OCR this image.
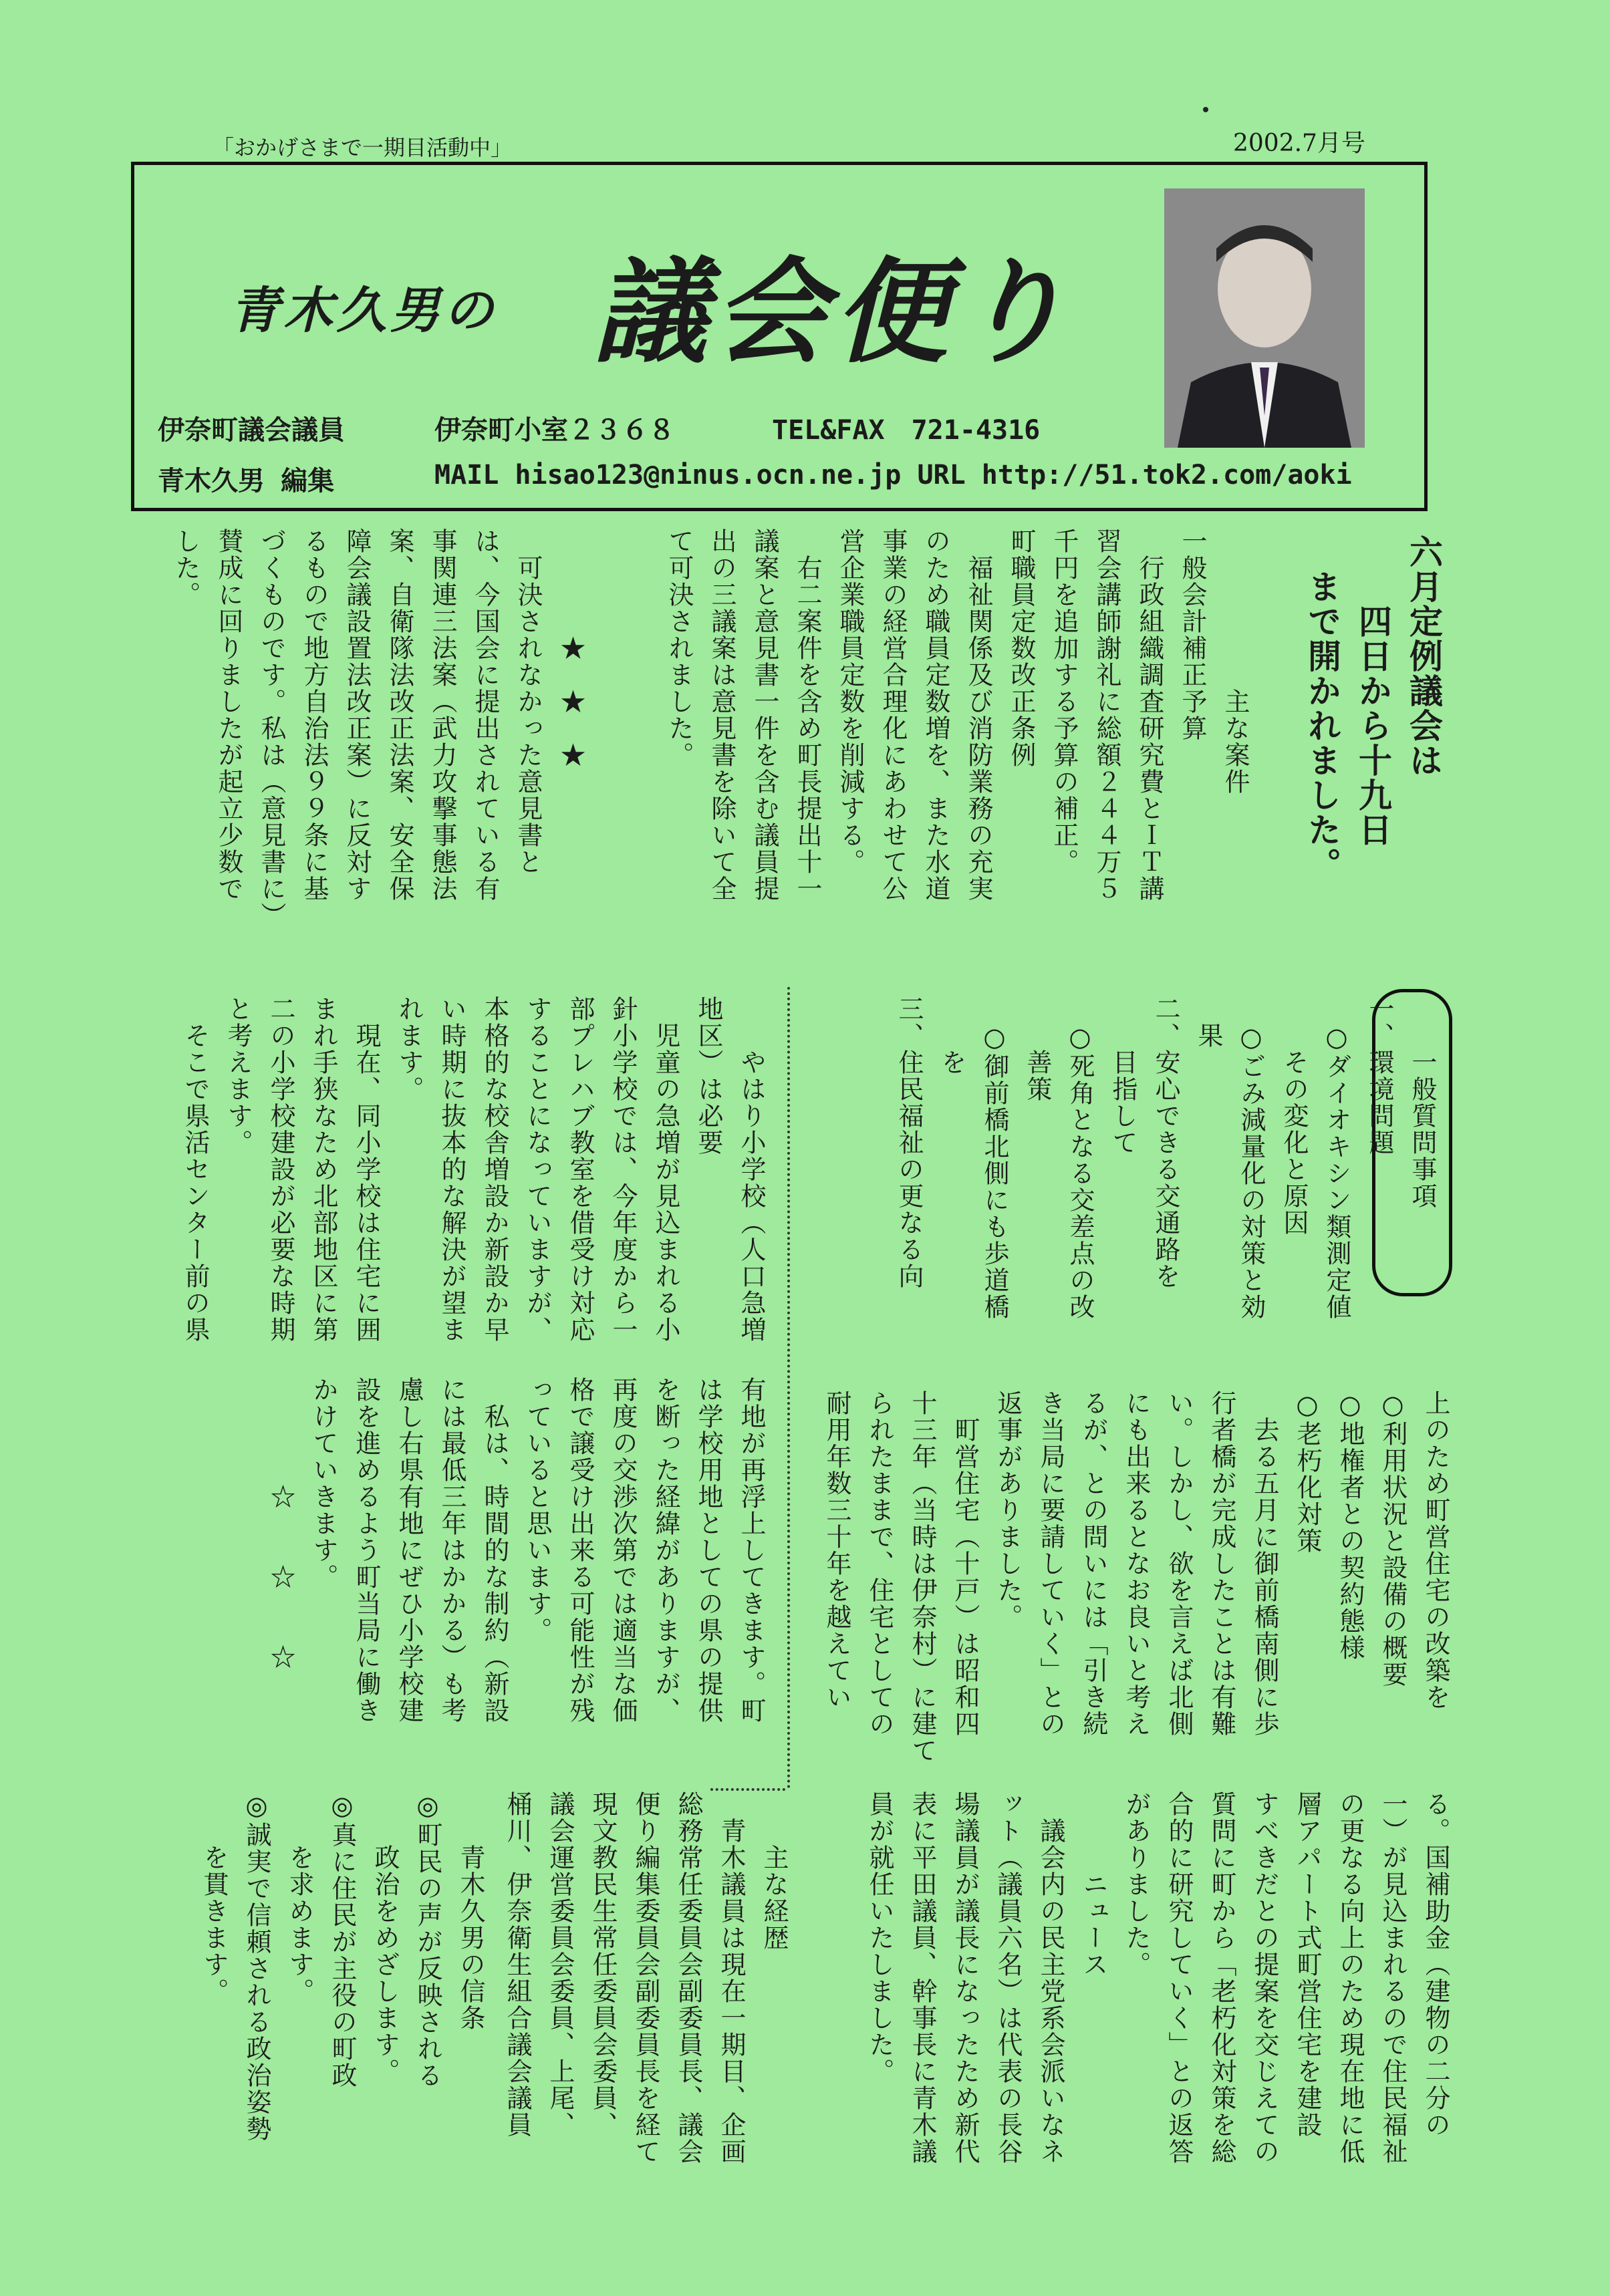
「おかげさまで一期目活動中」	2002.7月号
青木久男の 議会便り
伊奈町議会議員	伊奈町小室２３６８	TEL&FAX　721-4316
青木久男 編集	MAIL hisao123@ninus.ocn.ne.jp URL http://51.tok2.com/aoki
六月定例議会は
　　四日から十九日
　まで開かれました。
　　　　　　主な案件
一般会計補正予算
　行政組織調査研究費とＩＴ講
習会講師謝礼に総額２４４万５
千円を追加する予算の補正。
町職員定数改正条例
　福祉関係及び消防業務の充実
のため職員定数増を、また水道
事業の経営合理化にあわせて公
営企業職員定数を削減する。
　右二案件を含め町長提出十一
議案と意見書一件を含む議員提
出の三議案は意見書を除いて全
て可決されました。
　　　　★　★　★
　可決されなかった意見書と
は、今国会に提出されている有
事関連三法案（武力攻撃事態法
案、自衛隊法改正法案、安全保
障会議設置法改正案）に反対す
るもので地方自治法９９条に基
づくものです。私は（意見書に）
賛成に回りましたが起立少数で
した。
　　一般質問事項
一、環境問題
　○ダイオキシン類測定値
　　その変化と原因
　○ごみ減量化の対策と効
　果
二、安心できる交通路を
　　目指して
　○死角となる交差点の改
　　善策
　○御前橋北側にも歩道橋
　　を
三、住民福祉の更なる向
　　やはり小学校（人口急増地区）は必要
　児童の急増が見込まれる小
針小学校では、今年度から一
部プレハブ教室を借受け対応
することになっていますが、
本格的な校舎増設か新設か早
い時期に抜本的な解決が望ま
れます。
　現在、同小学校は住宅に囲
まれ手狭なため北部地区に第
二の小学校建設が必要な時期
と考えます。
　そこで県活センター前の県
上のため町営住宅の改築を
○利用状況と設備の概要
○地権者との契約態様
○老朽化対策
　去る五月に御前橋南側に歩
行者橋が完成したことは有難
い。しかし、欲を言えば北側
にも出来るとなお良いと考え
るが、との問いには「引き続
き当局に要請していく」との
返事がありました。
　町営住宅（十戸）は昭和四
十三年（当時は伊奈村）に建て
られたままで、住宅としての
耐用年数三十年を越えてい
有地が再浮上してきます。町
は学校用地としての県の提供
を断った経緯がありますが、
再度の交渉次第では適当な価
格で譲受け出来る可能性が残
っていると思います。
　私は、時間的な制約（新設
には最低三年はかかる）も考
慮し右県有地にぜひ小学校建
設を進めるよう町当局に働き
かけていきます。
　　　　☆　　☆　　☆
る。国補助金（建物の二分の
一）が見込まれるので住民福祉
の更なる向上のため現在地に低
層アパート式町営住宅を建設
すべきだとの提案を交じえての
質問に町から「老朽化対策を総
合的に研究していく」との返答
がありました。
　　　ニュース
　議会内の民主党系会派いなネ
ット（議員六名）は代表の長谷
場議員が議長になったため新代
表に平田議員、幹事長に青木議
員が就任いたしました。
　　主な経歴
　青木議員は現在一期目、企画
総務常任委員会副委員長、議会
便り編集委員会副委員長を経て
現文教民生常任委員会委員、
議会運営委員会委員、上尾、
桶川、伊奈衛生組合議会議員
　　青木久男の信条
◎町民の声が反映される
　　政治をめざします。
◎真に住民が主役の町政
　　を求めます。
◎誠実で信頼される政治姿勢
　　を貫きます。
